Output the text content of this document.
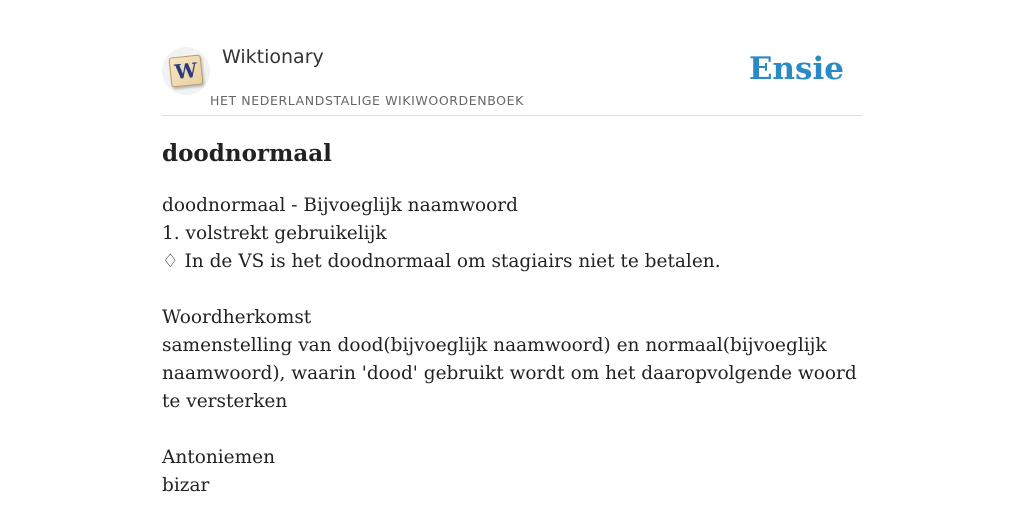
W
Wiktionary
HET NEDERLANDSTALIGE WIKIWOORDENBOEK
Ensie
doodnormaal
doodnormaal - Bijvoeglijk naamwoord
1. volstrekt gebruikelijk
♢ In de VS is het doodnormaal om stagiairs niet te betalen.
Woordherkomst
samenstelling van dood(bijvoeglijk naamwoord) en normaal(bijvoeglijk naamwoord), waarin 'dood' gebruikt wordt om het daaropvolgende woord te versterken
Antoniemen
bizar
